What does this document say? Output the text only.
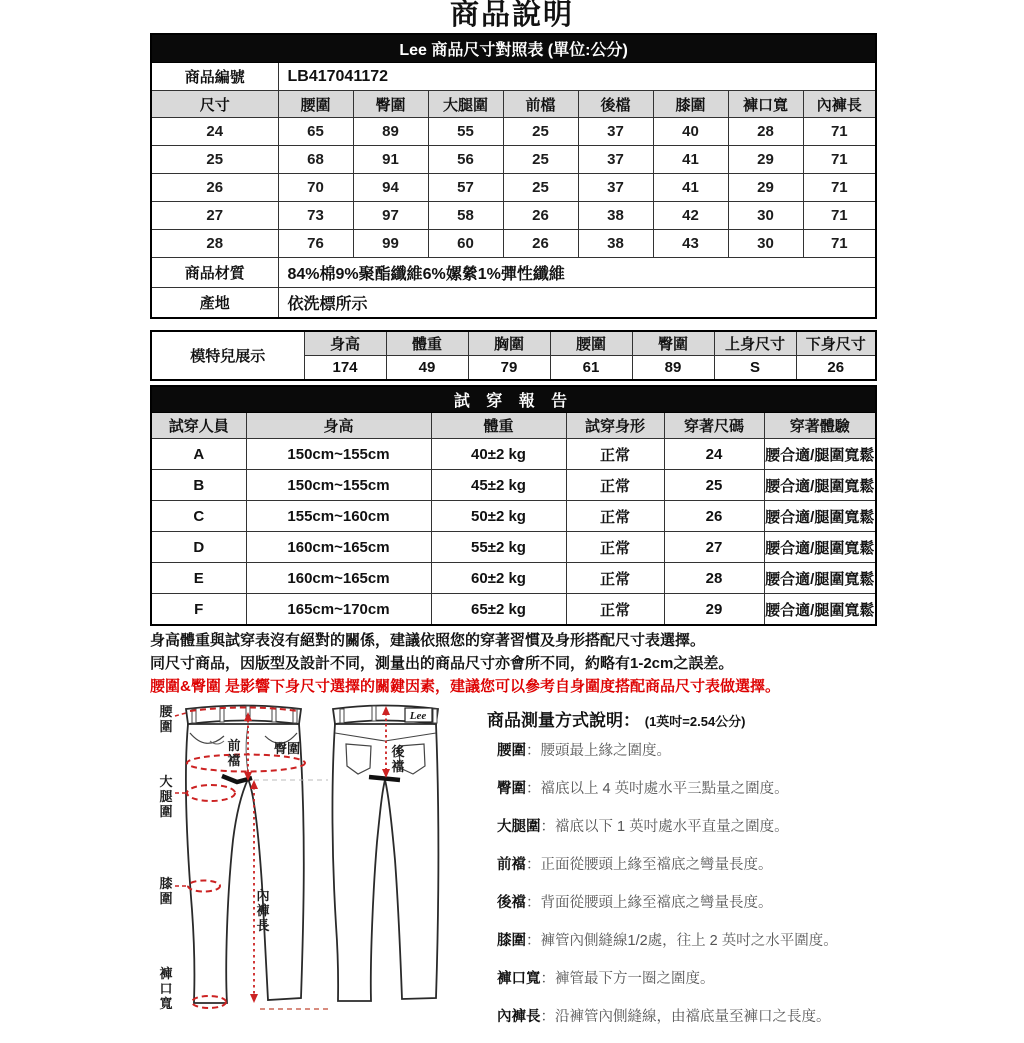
商品說明
Lee 商品尺寸對照表 (單位:公分)								
商品編號	LB417041172							
尺寸	腰圍	臀圍	大腿圍	前檔	後檔	膝圍	褲口寬	內褲長
24	65	89	55	25	37	40	28	71
25	68	91	56	25	37	41	29	71
26	70	94	57	25	37	41	29	71
27	73	97	58	26	38	42	30	71
28	76	99	60	26	38	43	30	71
商品材質	84%棉9%聚酯纖維6%嫘縈1%彈性纖維							
產地	依洗標所示							
模特兒展示	身高	體重	胸圍	腰圍	臀圍	上身尺寸	下身尺寸
	174	49	79	61	89	S	26
試 穿 報 告					
試穿人員	身高	體重	試穿身形	穿著尺碼	穿著體驗
A	150cm~155cm	40±2 kg	正常	24	腰合適/腿圍寬鬆
B	150cm~155cm	45±2 kg	正常	25	腰合適/腿圍寬鬆
C	155cm~160cm	50±2 kg	正常	26	腰合適/腿圍寬鬆
D	160cm~165cm	55±2 kg	正常	27	腰合適/腿圍寬鬆
E	160cm~165cm	60±2 kg	正常	28	腰合適/腿圍寬鬆
F	165cm~170cm	65±2 kg	正常	29	腰合適/腿圍寬鬆
身高體重與試穿表沒有絕對的關係，建議依照您的穿著習慣及身形搭配尺寸表選擇。
同尺寸商品，因版型及設計不同，測量出的商品尺寸亦會所不同，約略有1-2cm之誤差。
腰圍&臀圍 是影響下身尺寸選擇的關鍵因素，建議您可以參考自身圍度搭配商品尺寸表做選擇。
Lee
腰圍
大腿圍
膝圍
褲口寬
前襠
臀圍
內褲長
後襠
商品測量方式說明： (1英吋=2.54公分)
腰圍：腰頭最上緣之圍度。
臀圍：襠底以上 4 英吋處水平三點量之圍度。
大腿圍：襠底以下 1 英吋處水平直量之圍度。
前襠：正面從腰頭上緣至襠底之彎量長度。
後襠：背面從腰頭上緣至襠底之彎量長度。
膝圍：褲管內側縫線1/2處，往上 2 英吋之水平圍度。
褲口寬：褲管最下方一圈之圍度。
內褲長：沿褲管內側縫線，由襠底量至褲口之長度。
